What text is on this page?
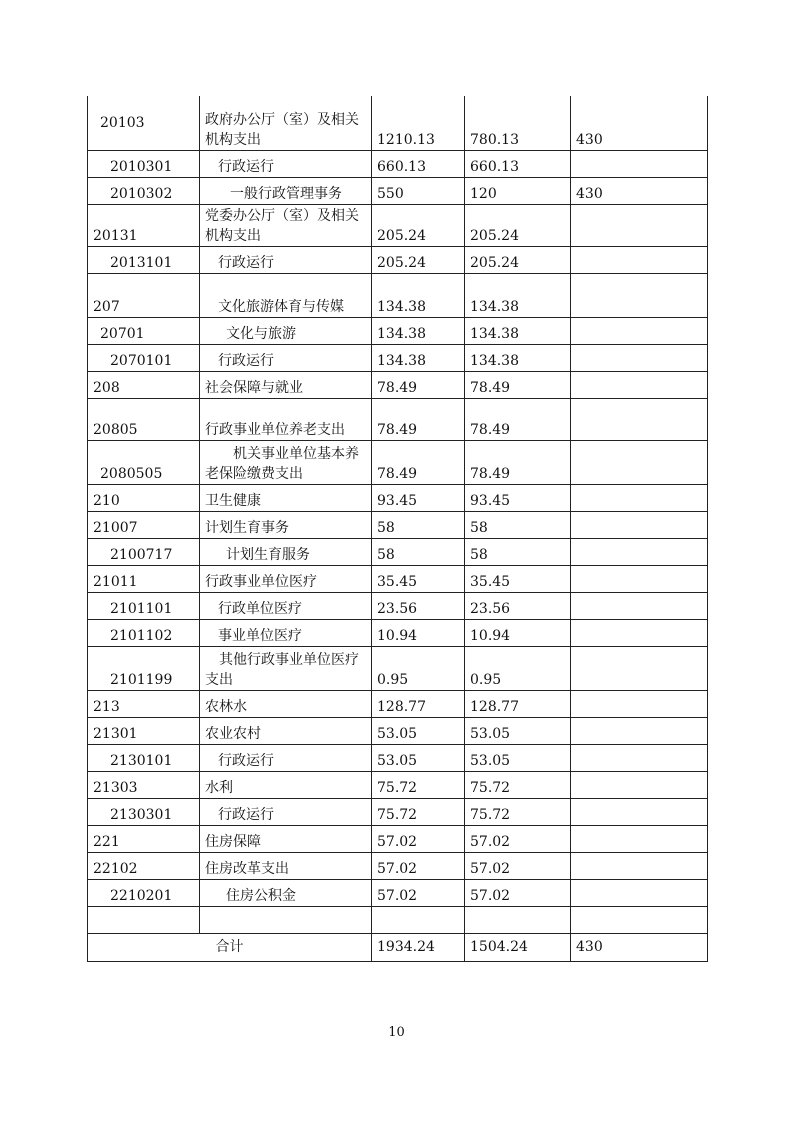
20103	政府办公厅（室）及相关机构支出	1210.13	780.13	430
2010301	行政运行	660.13	660.13	
2010302	一般行政管理事务	550	120	430
20131	党委办公厅（室）及相关机构支出	205.24	205.24	
2013101	行政运行	205.24	205.24	
207	文化旅游体育与传媒	134.38	134.38	
20701	文化与旅游	134.38	134.38	
2070101	行政运行	134.38	134.38	
208	社会保障与就业	78.49	78.49	
20805	行政事业单位养老支出	78.49	78.49	
2080505	机关事业单位基本养老保险缴费支出	78.49	78.49	
210	卫生健康	93.45	93.45	
21007	计划生育事务	58	58	
2100717	计划生育服务	58	58	
21011	行政事业单位医疗	35.45	35.45	
2101101	行政单位医疗	23.56	23.56	
2101102	事业单位医疗	10.94	10.94	
2101199	其他行政事业单位医疗支出	0.95	0.95	
213	农林水	128.77	128.77	
21301	农业农村	53.05	53.05	
2130101	行政运行	53.05	53.05	
21303	水利	75.72	75.72	
2130301	行政运行	75.72	75.72	
221	住房保障	57.02	57.02	
22102	住房改革支出	57.02	57.02	
2210201	住房公积金	57.02	57.02	

合计		1934.24	1504.24	430
10
